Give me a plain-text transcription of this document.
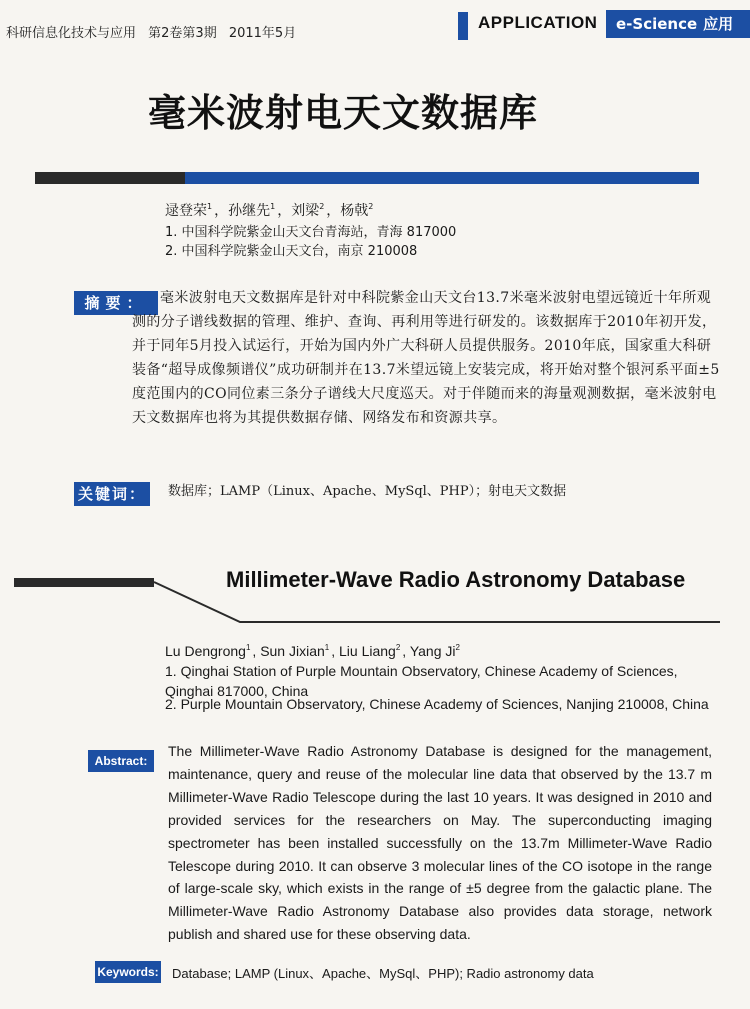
科研信息化技术与应用 第2卷第3期 2011年5月
APPLICATION	e-Science 应用
毫米波射电天文数据库
逯登荣$^1$ ，孙继先$^1$ ，刘梁$^2$ ，杨戟$^2$
1. 中国科学院紫金山天文台青海站，青海 817000
2. 中国科学院紫金山天文台，南京 210008
摘要： 毫米波射电天文数据库是针对中科院紫金山天文台13.7米毫米波射电望远镜近十年所观测的分子谱线数据的管理、维护、查询、再利用等进行研发的。该数据库于2010年初开发，并于同年5月投入试运行，开始为国内外广大科研人员提供服务。2010年底，国家重大科研装备“超导成像频谱仪”成功研制并在13.7米望远镜上安装完成，将开始对整个银河系平面±5度范围内的CO同位素三条分子谱线大尺度巡天。对于伴随而来的海量观测数据，毫米波射电天文数据库也将为其提供数据存储、网络发布和资源共享。
关键词：	数据库；LAMP（Linux、Apache、MySql、PHP）；射电天文数据
Millimeter-Wave Radio Astronomy Database
Lu Dengrong$^1$ , Sun Jixian$^1$ , Liu Liang$^2$ , Yang Ji$^2$
1. Qinghai Station of Purple Mountain Observatory, Chinese Academy of Sciences,
Qinghai 817000, China
2. Purple Mountain Observatory, Chinese Academy of Sciences, Nanjing 210008, China
Abstract:
The Millimeter-Wave Radio Astronomy Database is designed for the management, maintenance, query and reuse of the molecular line data that observed by the 13.7 m Millimeter-Wave Radio Telescope during the last 10 years. It was designed in 2010 and provided services for the researchers on May. The superconducting imaging spectrometer has been installed successfully on the 13.7m Millimeter-Wave Radio Telescope during 2010. It can observe 3 molecular lines of the CO isotope in the range of large-scale sky, which exists in the range of ±5 degree from the galactic plane. The Millimeter-Wave Radio Astronomy Database also provides data storage, network publish and shared use for these observing data.
Keywords: Database; LAMP (Linux、Apache、MySql、PHP); Radio astronomy data
